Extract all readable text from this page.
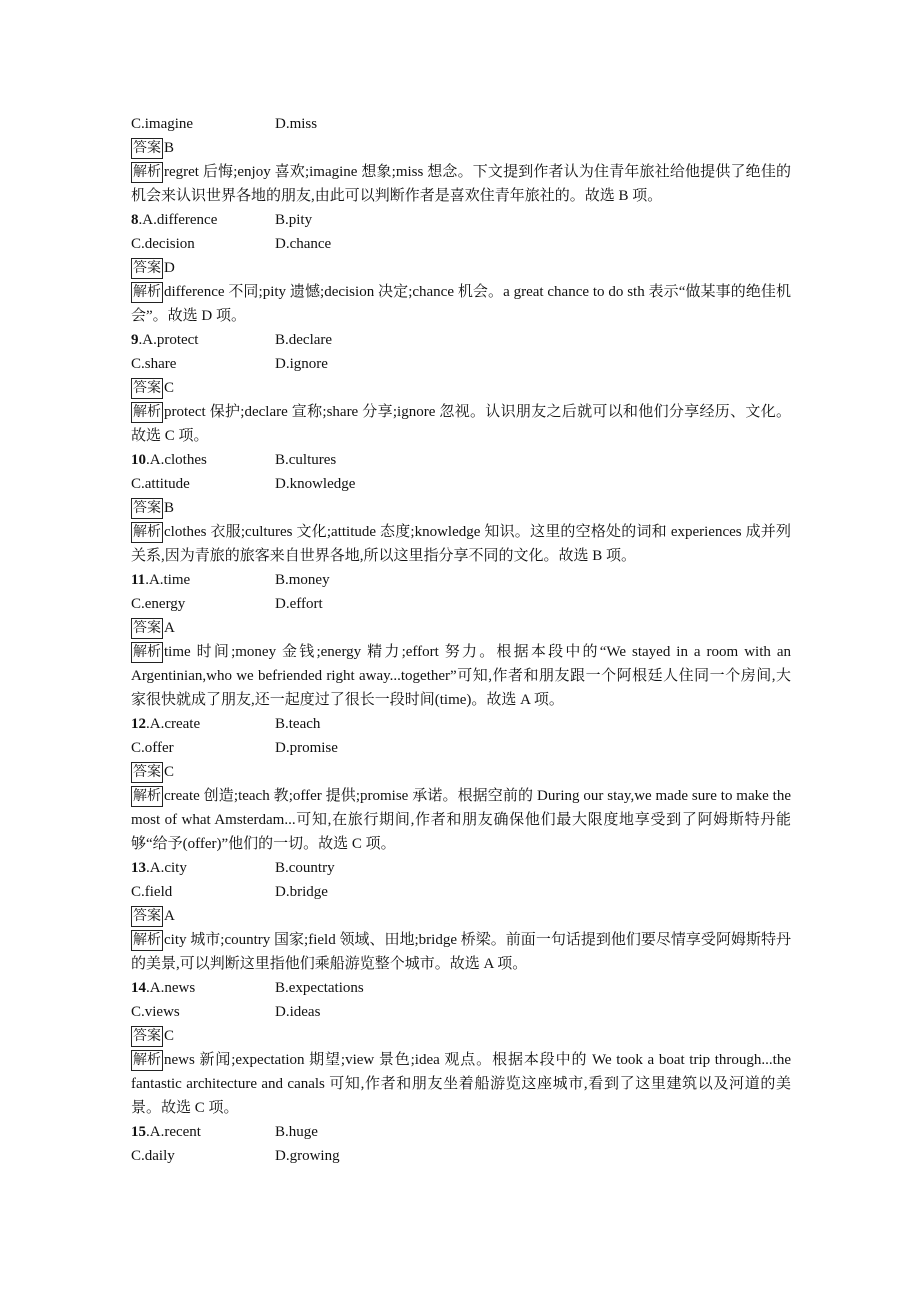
C.imagine	D.miss
答案 B
解析 regret 后悔;enjoy 喜欢;imagine 想象;miss 想念。下文提到作者认为住青年旅社给他提供了绝佳的机会来认识世界各地的朋友,由此可以判断作者是喜欢住青年旅社的。故选 B 项。
8.A.difference	B.pity
C.decision	D.chance
答案 D
解析 difference 不同;pity 遗憾;decision 决定;chance 机会。a great chance to do sth 表示“做某事的绝佳机会”。故选 D 项。
9.A.protect	B.declare
C.share	D.ignore
答案 C
解析 protect 保护;declare 宣称;share 分享;ignore 忽视。认识朋友之后就可以和他们分享经历、文化。故选 C 项。
10.A.clothes	B.cultures
C.attitude	D.knowledge
答案 B
解析 clothes 衣服;cultures 文化;attitude 态度;knowledge 知识。这里的空格处的词和 experiences 成并列关系,因为青旅的旅客来自世界各地,所以这里指分享不同的文化。故选 B 项。
11.A.time	B.money
C.energy	D.effort
答案 A
解析 time 时间;money 金钱;energy 精力;effort 努力。根据本段中的“We stayed in a room with an Argentinian,who we befriended right away...together”可知,作者和朋友跟一个阿根廷人住同一个房间,大家很快就成了朋友,还一起度过了很长一段时间(time)。故选 A 项。
12.A.create	B.teach
C.offer	D.promise
答案 C
解析 create 创造;teach 教;offer 提供;promise 承诺。根据空前的 During our stay,we made sure to make the most of what Amsterdam...可知,在旅行期间,作者和朋友确保他们最大限度地享受到了阿姆斯特丹能够“给予(offer)”他们的一切。故选 C 项。
13.A.city	B.country
C.field	D.bridge
答案 A
解析 city 城市;country 国家;field 领域、田地;bridge 桥梁。前面一句话提到他们要尽情享受阿姆斯特丹的美景,可以判断这里指他们乘船游览整个城市。故选 A 项。
14.A.news	B.expectations
C.views	D.ideas
答案 C
解析 news 新闻;expectation 期望;view 景色;idea 观点。根据本段中的 We took a boat trip through...the fantastic architecture and canals 可知,作者和朋友坐着船游览这座城市,看到了这里建筑以及河道的美景。故选 C 项。
15.A.recent	B.huge
C.daily	D.growing
